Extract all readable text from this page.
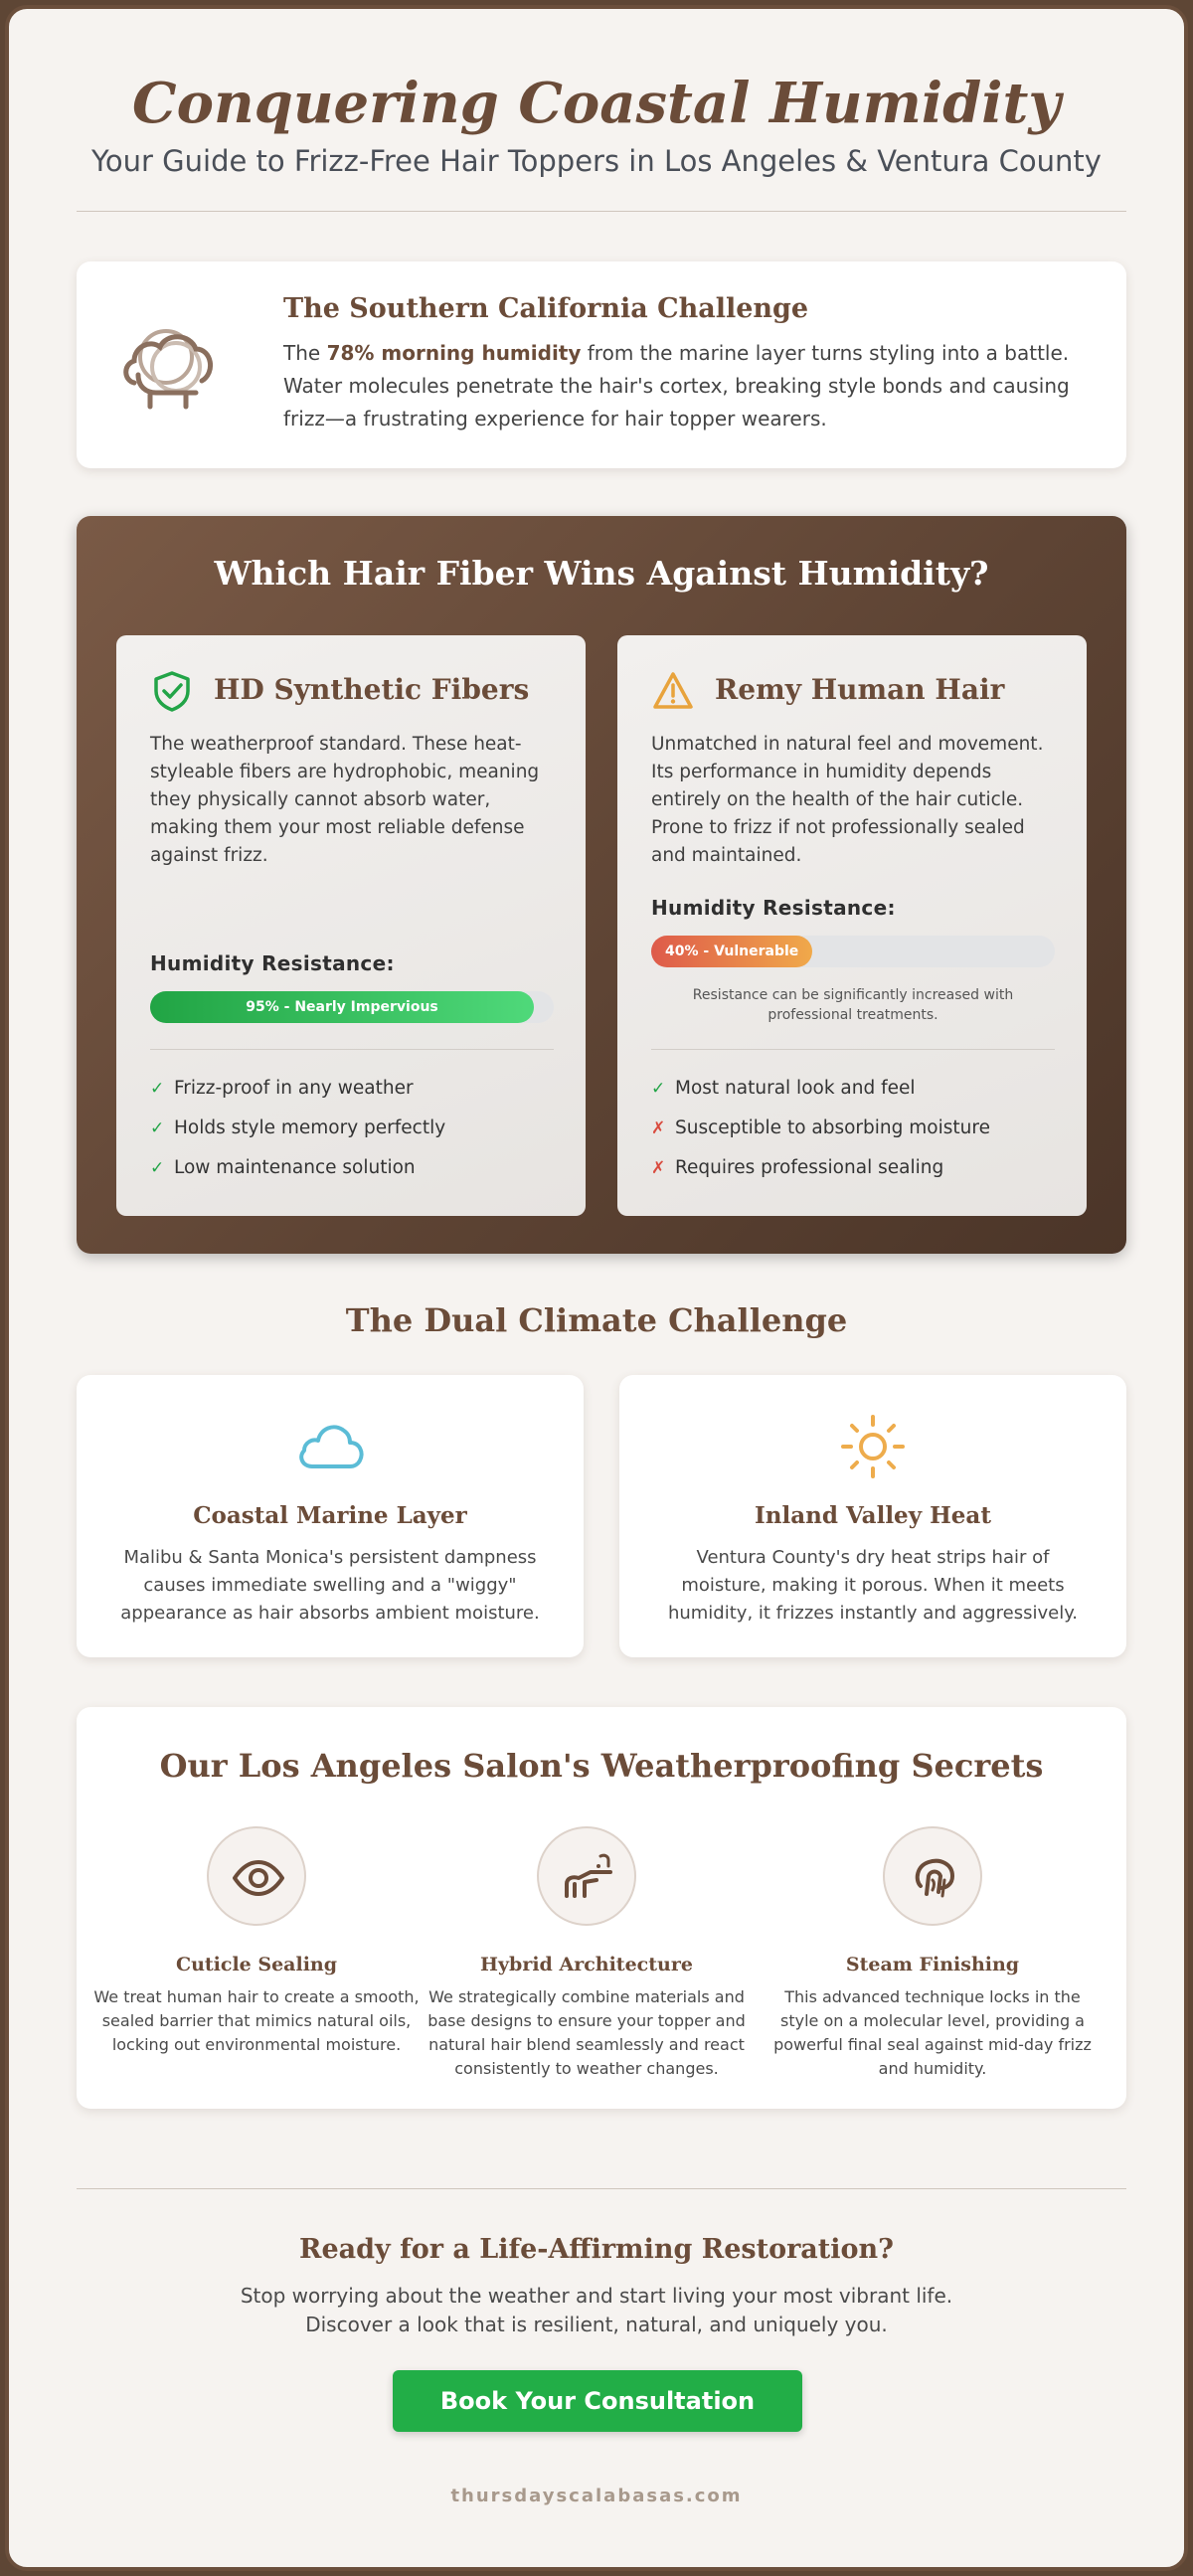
Conquering Coastal Humidity
Your Guide to Frizz-Free Hair Toppers in Los Angeles & Ventura County
The Southern California Challenge
The 78% morning humidity from the marine layer turns styling into a battle. Water molecules penetrate the hair's cortex, breaking style bonds and causing frizz—a frustrating experience for hair topper wearers.
Which Hair Fiber Wins Against Humidity?
HD Synthetic Fibers
The weatherproof standard. These heat-styleable fibers are hydrophobic, meaning they physically cannot absorb water, making them your most reliable defense against frizz.
Humidity Resistance:
95% - Nearly Impervious
✓ Frizz-proof in any weather
✓ Holds style memory perfectly
✓ Low maintenance solution
Remy Human Hair
Unmatched in natural feel and movement. Its performance in humidity depends entirely on the health of the hair cuticle. Prone to frizz if not professionally sealed and maintained.
Humidity Resistance:
40% - Vulnerable
Resistance can be significantly increased with professional treatments.
✓ Most natural look and feel
✗ Susceptible to absorbing moisture
✗ Requires professional sealing
The Dual Climate Challenge
Coastal Marine Layer
Malibu & Santa Monica's persistent dampness causes immediate swelling and a "wiggy" appearance as hair absorbs ambient moisture.
Inland Valley Heat
Ventura County's dry heat strips hair of moisture, making it porous. When it meets humidity, it frizzes instantly and aggressively.
Our Los Angeles Salon's Weatherproofing Secrets
Cuticle Sealing
We treat human hair to create a smooth, sealed barrier that mimics natural oils, locking out environmental moisture.
Hybrid Architecture
We strategically combine materials and base designs to ensure your topper and natural hair blend seamlessly and react consistently to weather changes.
Steam Finishing
This advanced technique locks in the style on a molecular level, providing a powerful final seal against mid-day frizz and humidity.
Ready for a Life-Affirming Restoration?
Stop worrying about the weather and start living your most vibrant life.
Discover a look that is resilient, natural, and uniquely you.
Book Your Consultation
thursdayscalabasas.com
